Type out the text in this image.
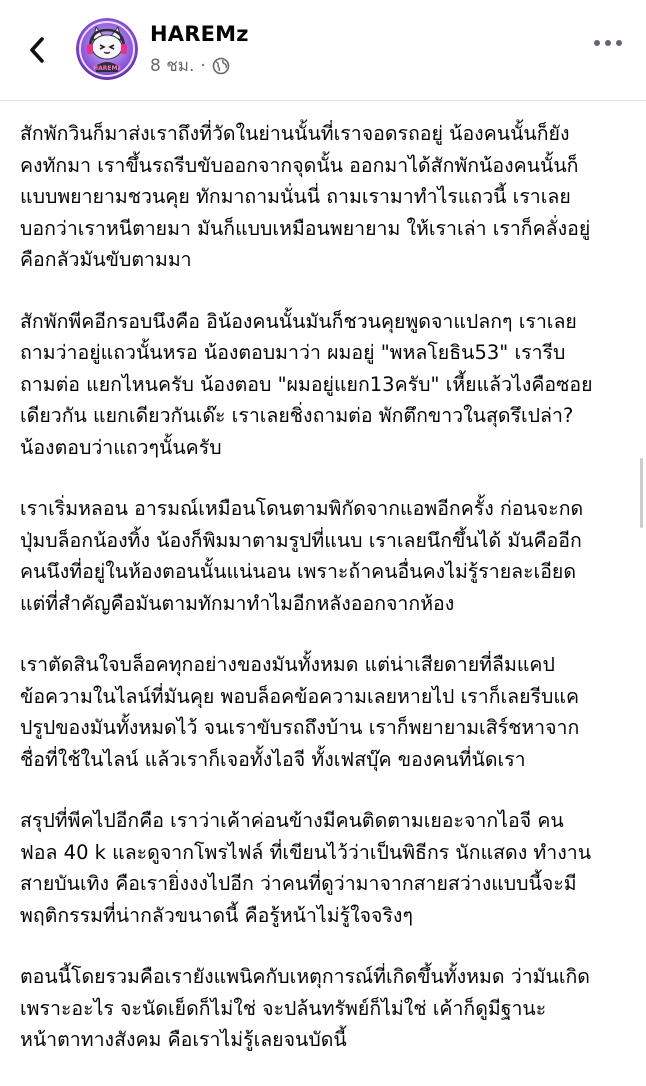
HAREMz
HAREMz
8 ชม. ·
สักพักวินก็มาส่งเราถึงที่วัดในย่านนั้นที่เราจอดรถอยู่ น้องคนนั้นก็ยัง
คงทักมา เราขึ้นรถรีบขับออกจากจุดนั้น ออกมาได้สักพักน้องคนนั้นก็
แบบพยายามชวนคุย ทักมาถามนั่นนี่ ถามเรามาทำไรแถวนี้ เราเลย
บอกว่าเราหนีตายมา มันก็แบบเหมือนพยายาม ให้เราเล่า เราก็คลั่งอยู่
คือกลัวมันขับตามมา
สักพักพีคอีกรอบนึงคือ อิน้องคนนั้นมันก็ชวนคุยพูดจาแปลกๆ เราเลย
ถามว่าอยู่แถวนั้นหรอ น้องตอบมาว่า ผมอยู่ "พหลโยธิน53" เรารีบ
ถามต่อ แยกไหนครับ น้องตอบ "ผมอยู่แยก13ครับ" เหี้ยแล้วไงคือซอย
เดียวกัน แยกเดียวกันเด๊ะ เราเลยชิ่งถามต่อ พักตึกขาวในสุดรึเปล่า?
น้องตอบว่าแถวๆนั้นครับ
เราเริ่มหลอน อารมณ์เหมือนโดนตามพิกัดจากแอพอีกครั้ง ก่อนจะกด
ปุ่มบล็อกน้องทิ้ง น้องก็พิมมาตามรูปที่แนบ เราเลยนึกขึ้นได้ มันคืออีก
คนนึงที่อยู่ในห้องตอนนั้นแน่นอน เพราะถ้าคนอื่นคงไม่รู้รายละเอียด
แต่ที่สำคัญคือมันตามทักมาทำไมอีกหลังออกจากห้อง
เราตัดสินใจบล็อคทุกอย่างของมันทั้งหมด แต่น่าเสียดายที่ลืมแคป
ข้อความในไลน์ที่มันคุย พอบล็อคข้อความเลยหายไป เราก็เลยรีบแค
ปรูปของมันทั้งหมดไว้ จนเราขับรถถึงบ้าน เราก็พยายามเสิร์ชหาจาก
ชื่อที่ใช้ในไลน์ แล้วเราก็เจอทั้งไอจี ทั้งเฟสบุ๊ค ของคนที่นัดเรา
สรุปที่พีคไปอีกคือ เราว่าเค้าค่อนข้างมีคนติดตามเยอะจากไอจี คน
ฟอล 40 k และดูจากโพรไฟล์ ที่เขียนไว้ว่าเป็นพิธีกร นักแสดง ทำงาน
สายบันเทิง คือเรายิ่งงงไปอีก ว่าคนที่ดูว่ามาจากสายสว่างแบบนี้จะมี
พฤติกรรมที่น่ากลัวขนาดนี้ คือรู้หน้าไม่รู้ใจจริงๆ
ตอนนี้โดยรวมคือเรายังแพนิคกับเหตุการณ์ที่เกิดขึ้นทั้งหมด ว่ามันเกิด
เพราะอะไร จะนัดเย็ดก็ไม่ใช่ จะปล้นทรัพย์ก็ไม่ใช่ เค้าก็ดูมีฐานะ
หน้าตาทางสังคม คือเราไม่รู้เลยจนบัดนี้
